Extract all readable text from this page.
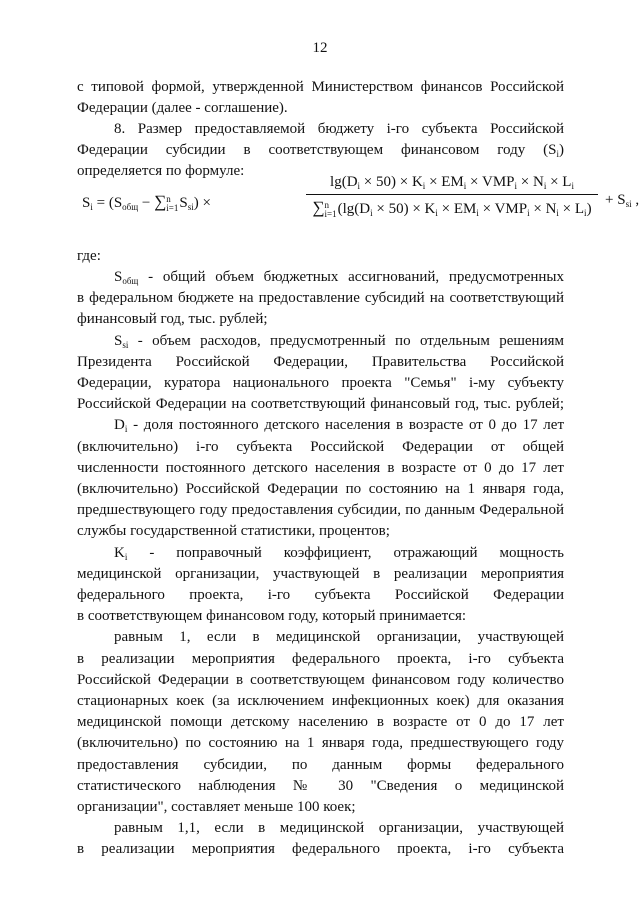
12
с типовой формой, утвержденной Министерством финансов Российской
Федерации (далее - соглашение).
8. Размер предоставляемой бюджету i-го субъекта Российской
Федерации субсидии в соответствующем финансовом году $(S_i)$
определяется по формуле:
$S_i = (S_{общ} - \sum n$
$i=1S_{si}$) ×
$\lg(D_i \times 50) \times K_i \times EM_i \times VMP_i \times N_i \times L_i$
∑n
$i=1(\lg(D_i \times 50) \times K_i \times EM_i \times VMP_i \times N_i \times L_i)$
+ $S_{si}$ ,
где:
$S_{общ}$ - общий объем бюджетных ассигнований, предусмотренных
в федеральном бюджете на предоставление субсидий на соответствующий
финансовый год, тыс. рублей;
$S_{si}$ - объем расходов, предусмотренный по отдельным решениям
Президента Российской Федерации, Правительства Российской
Федерации, куратора национального проекта "Семья" i-му субъекту
Российской Федерации на соответствующий финансовый год, тыс. рублей;
$D_i$ - доля постоянного детского населения в возрасте от 0 до 17 лет
(включительно) i-го субъекта Российской Федерации от общей
численности постоянного детского населения в возрасте от 0 до 17 лет
(включительно) Российской Федерации по состоянию на 1 января года,
предшествующего году предоставления субсидии, по данным Федеральной
службы государственной статистики, процентов;
$K_i$ - поправочный коэффициент, отражающий мощность
медицинской организации, участвующей в реализации мероприятия
федерального проекта, i-го субъекта Российской Федерации
в соответствующем финансовом году, который принимается:
равным 1, если в медицинской организации, участвующей
в реализации мероприятия федерального проекта, i-го субъекта
Российской Федерации в соответствующем финансовом году количество
стационарных коек (за исключением инфекционных коек) для оказания
медицинской помощи детскому населению в возрасте от 0 до 17 лет
(включительно) по состоянию на 1 января года, предшествующего году
предоставления субсидии, по данным формы федерального
статистического наблюдения № 30 "Сведения о медицинской
организации", составляет меньше 100 коек;
равным 1,1, если в медицинской организации, участвующей
в реализации мероприятия федерального проекта, i-го субъекта
